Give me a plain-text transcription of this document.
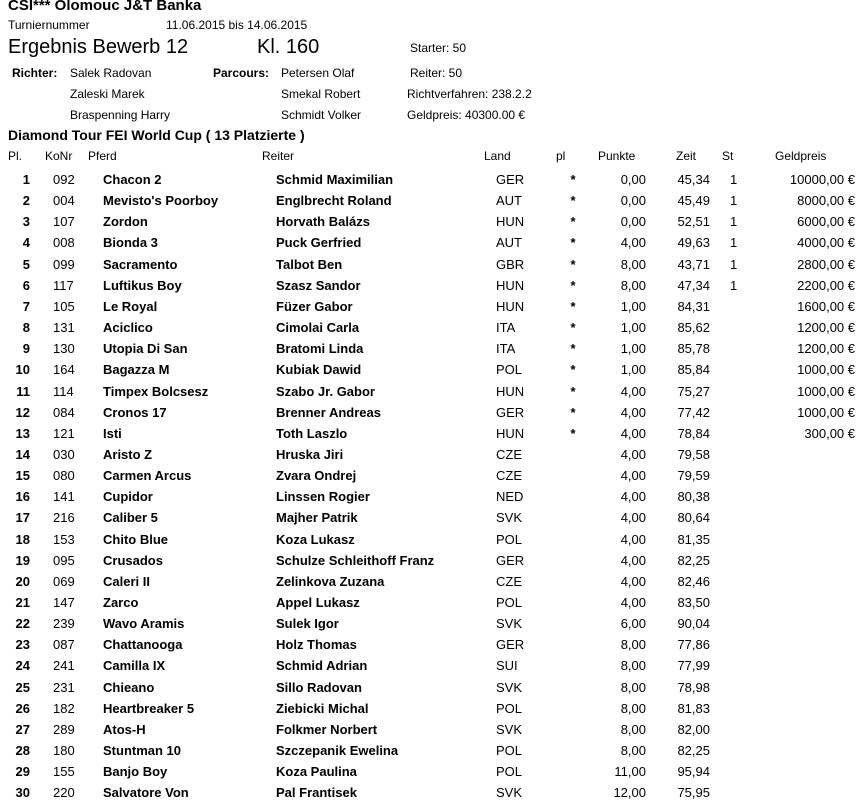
CSI*** Olomouc J&T Banka
Turniernummer	11.06.2015 bis 14.06.2015
Ergebnis Bewerb 12	Kl. 160	Starter: 50
Richter: Salek Radovan	Parcours: Petersen Olaf	Reiter: 50
Zaleski Marek	Smekal Robert	Richtverfahren: 238.2.2
Braspenning Harry	Schmidt Volker	Geldpreis: 40300.00 €
Diamond Tour FEI World Cup ( 13 Platzierte )
Pl. KoNr Pferd	Reiter	Land	pl	Punkte	Zeit St	Geldpreis
1 092	Chacon 2	Schmid Maximilian	GER	*	0,00	45,34 1	10000,00 €
2 004	Mevisto's Poorboy	Englbrecht Roland	AUT	*	0,00	45,49 1	8000,00 €
3 107	Zordon	Horvath Balázs	HUN	*	0,00	52,51 1	6000,00 €
4 008	Bionda 3	Puck Gerfried	AUT	*	4,00	49,63 1	4000,00 €
5 099	Sacramento	Talbot Ben	GBR	*	8,00	43,71 1	2800,00 €
6 117	Luftikus Boy	Szasz Sandor	HUN	*	8,00	47,34 1	2200,00 €
7 105	Le Royal	Füzer Gabor	HUN	*	1,00	84,31	1600,00 €
8 131	Aciclico	Cimolai Carla	ITA	*	1,00	85,62	1200,00 €
9 130	Utopia Di San	Bratomi Linda	ITA	*	1,00	85,78	1200,00 €
10 164	Bagazza M	Kubiak Dawid	POL	*	1,00	85,84	1000,00 €
11 114	Timpex Bolcsesz	Szabo Jr. Gabor	HUN	*	4,00	75,27	1000,00 €
12 084	Cronos 17	Brenner Andreas	GER	*	4,00	77,42	1000,00 €
13 121	Isti	Toth Laszlo	HUN	*	4,00	78,84	300,00 €
14 030	Aristo Z	Hruska Jiri	CZE	4,00	79,58
15 080	Carmen Arcus	Zvara Ondrej	CZE	4,00	79,59
16 141	Cupidor	Linssen Rogier	NED	4,00	80,38
17 216	Caliber 5	Majher Patrik	SVK	4,00	80,64
18 153	Chito Blue	Koza Lukasz	POL	4,00	81,35
19 095	Crusados	Schulze Schleithoff Franz	GER	4,00	82,25
20 069	Caleri II	Zelinkova Zuzana	CZE	4,00	82,46
21 147	Zarco	Appel Lukasz	POL	4,00	83,50
22 239	Wavo Aramis	Sulek Igor	SVK	6,00	90,04
23 087	Chattanooga	Holz Thomas	GER	8,00	77,86
24 241	Camilla IX	Schmid Adrian	SUI	8,00	77,99
25 231	Chieano	Sillo Radovan	SVK	8,00	78,98
26 182	Heartbreaker 5	Ziebicki Michal	POL	8,00	81,83
27 289	Atos-H	Folkmer Norbert	SVK	8,00	82,00
28 180	Stuntman 10	Szczepanik Ewelina	POL	8,00	82,25
29 155	Banjo Boy	Koza Paulina	POL	11,00	95,94
30 220	Salvatore Von	Pal Frantisek	SVK	12,00	75,95
